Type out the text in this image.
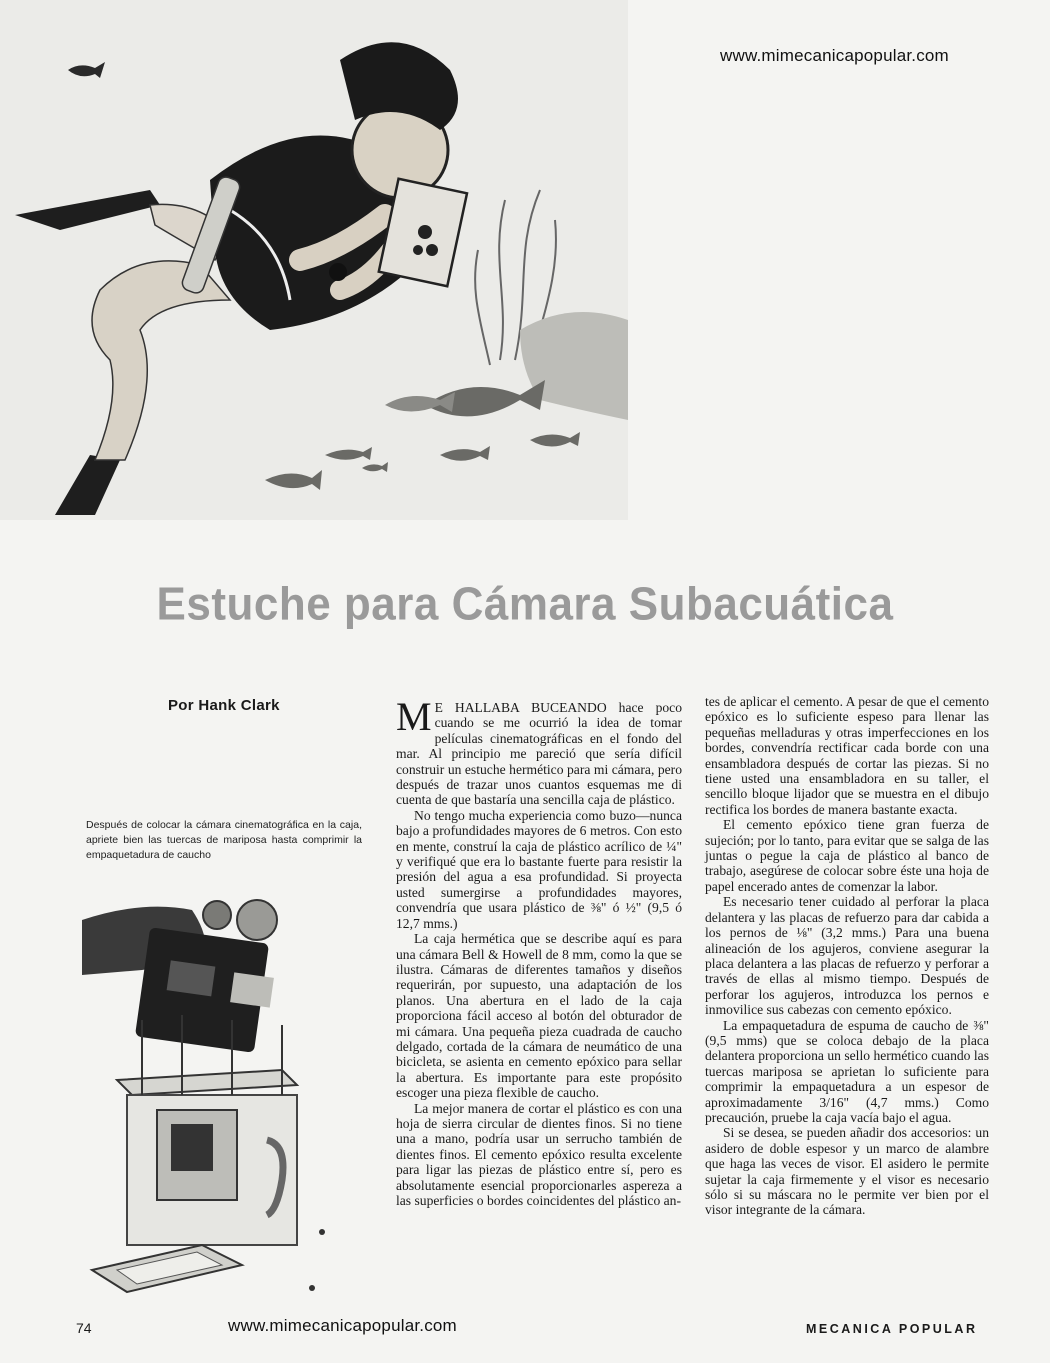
www.mimecanicapopular.com
Estuche para Cámara Subacuática
Por Hank Clark
Después de colocar la cámara cinematográfica en la caja, apriete bien las tuercas de mariposa hasta comprimir la empaquetadura de caucho

M E HALLABA BUCEANDO hace poco cuando se me ocurrió la idea de tomar películas cinematográficas en el fondo del mar. Al principio me pareció que sería difícil construir un estuche hermético para mi cámara, pero después de trazar unos cuantos esquemas me di cuenta de que bastaría una sencilla caja de plástico.

No tengo mucha experiencia como buzo—nunca bajo a profundidades mayores de 6 metros. Con esto en mente, construí la caja de plástico acrílico de ¼" y verifiqué que era lo bastante fuerte para resistir la presión del agua a esa profundidad. Si proyecta usted sumergirse a profundidades mayores, convendría que usara plástico de ⅜" ó ½" (9,5 ó 12,7 mms.)

La caja hermética que se describe aquí es para una cámara Bell & Howell de 8 mm, como la que se ilustra. Cámaras de diferentes tamaños y diseños requerirán, por supuesto, una adaptación de los planos. Una abertura en el lado de la caja proporciona fácil acceso al botón del obturador de mi cámara. Una pequeña pieza cuadrada de caucho delgado, cortada de la cámara de neumático de una bicicleta, se asienta en cemento epóxico para sellar la abertura. Es importante para este propósito escoger una pieza flexible de caucho.

La mejor manera de cortar el plástico es con una hoja de sierra circular de dientes finos. Si no tiene una a mano, podría usar un serrucho también de dientes finos. El cemento epóxico resulta excelente para ligar las piezas de plástico entre sí, pero es absolutamente esencial proporcionarles aspereza a las superficies o bordes coincidentes del plástico an-

tes de aplicar el cemento. A pesar de que el cemento epóxico es lo suficiente espeso para llenar las pequeñas melladuras y otras imperfecciones en los bordes, convendría rectificar cada borde con una ensambladora después de cortar las piezas. Si no tiene usted una ensambladora en su taller, el sencillo bloque lijador que se muestra en el dibujo rectifica los bordes de manera bastante exacta.

El cemento epóxico tiene gran fuerza de sujeción; por lo tanto, para evitar que se salga de las juntas o pegue la caja de plástico al banco de trabajo, asegúrese de colocar sobre éste una hoja de papel encerado antes de comenzar la labor.

Es necesario tener cuidado al perforar la placa delantera y las placas de refuerzo para dar cabida a los pernos de ⅛" (3,2 mms.) Para una buena alineación de los agujeros, conviene asegurar la placa delantera a las placas de refuerzo y perforar a través de ellas al mismo tiempo. Después de perforar los agujeros, introduzca los pernos e inmovilice sus cabezas con cemento epóxico.

La empaquetadura de espuma de caucho de ⅜" (9,5 mms) que se coloca debajo de la placa delantera proporciona un sello hermético cuando las tuercas mariposa se aprietan lo suficiente para comprimir la empaquetadura a un espesor de aproximadamente 3/16" (4,7 mms.) Como precaución, pruebe la caja vacía bajo el agua.

Si se desea, se pueden añadir dos accesorios: un asidero de doble espesor y un marco de alambre que haga las veces de visor. El asidero le permite sujetar la caja firmemente y el visor es necesario sólo si su máscara no le permite ver bien por el visor integrante de la cámara.

74	www.mimecanicapopular.com	MECANICA POPULAR
